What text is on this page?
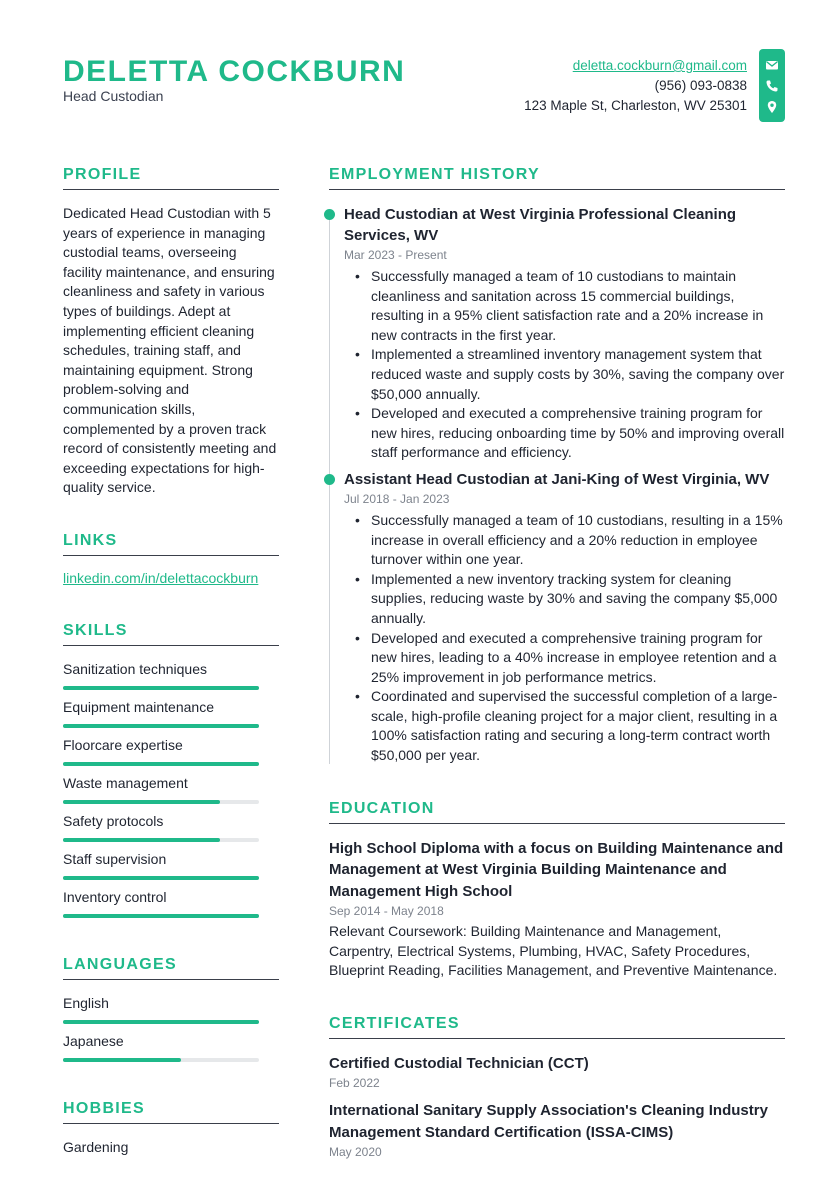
DELETTA COCKBURN
Head Custodian
deletta.cockburn@gmail.com
(956) 093-0838
123 Maple St, Charleston, WV 25301
PROFILE
Dedicated Head Custodian with 5 years of experience in managing custodial teams, overseeing facility maintenance, and ensuring cleanliness and safety in various types of buildings. Adept at implementing efficient cleaning schedules, training staff, and maintaining equipment. Strong problem-solving and communication skills, complemented by a proven track record of consistently meeting and exceeding expectations for high-quality service.
LINKS
linkedin.com/in/delettacockburn
SKILLS
Sanitization techniques
Equipment maintenance
Floorcare expertise
Waste management
Safety protocols
Staff supervision
Inventory control
LANGUAGES
English
Japanese
HOBBIES
Gardening
EMPLOYMENT HISTORY
Head Custodian at West Virginia Professional Cleaning Services, WV
Mar 2023 - Present
• Successfully managed a team of 10 custodians to maintain cleanliness and sanitation across 15 commercial buildings, resulting in a 95% client satisfaction rate and a 20% increase in new contracts in the first year.
• Implemented a streamlined inventory management system that reduced waste and supply costs by 30%, saving the company over $50,000 annually.
• Developed and executed a comprehensive training program for new hires, reducing onboarding time by 50% and improving overall staff performance and efficiency.
Assistant Head Custodian at Jani-King of West Virginia, WV
Jul 2018 - Jan 2023
• Successfully managed a team of 10 custodians, resulting in a 15% increase in overall efficiency and a 20% reduction in employee turnover within one year.
• Implemented a new inventory tracking system for cleaning supplies, reducing waste by 30% and saving the company $5,000 annually.
• Developed and executed a comprehensive training program for new hires, leading to a 40% increase in employee retention and a 25% improvement in job performance metrics.
• Coordinated and supervised the successful completion of a large-scale, high-profile cleaning project for a major client, resulting in a 100% satisfaction rating and securing a long-term contract worth $50,000 per year.
EDUCATION
High School Diploma with a focus on Building Maintenance and Management at West Virginia Building Maintenance and Management High School
Sep 2014 - May 2018
Relevant Coursework: Building Maintenance and Management, Carpentry, Electrical Systems, Plumbing, HVAC, Safety Procedures, Blueprint Reading, Facilities Management, and Preventive Maintenance.
CERTIFICATES
Certified Custodial Technician (CCT)
Feb 2022
International Sanitary Supply Association's Cleaning Industry Management Standard Certification (ISSA-CIMS)
May 2020
